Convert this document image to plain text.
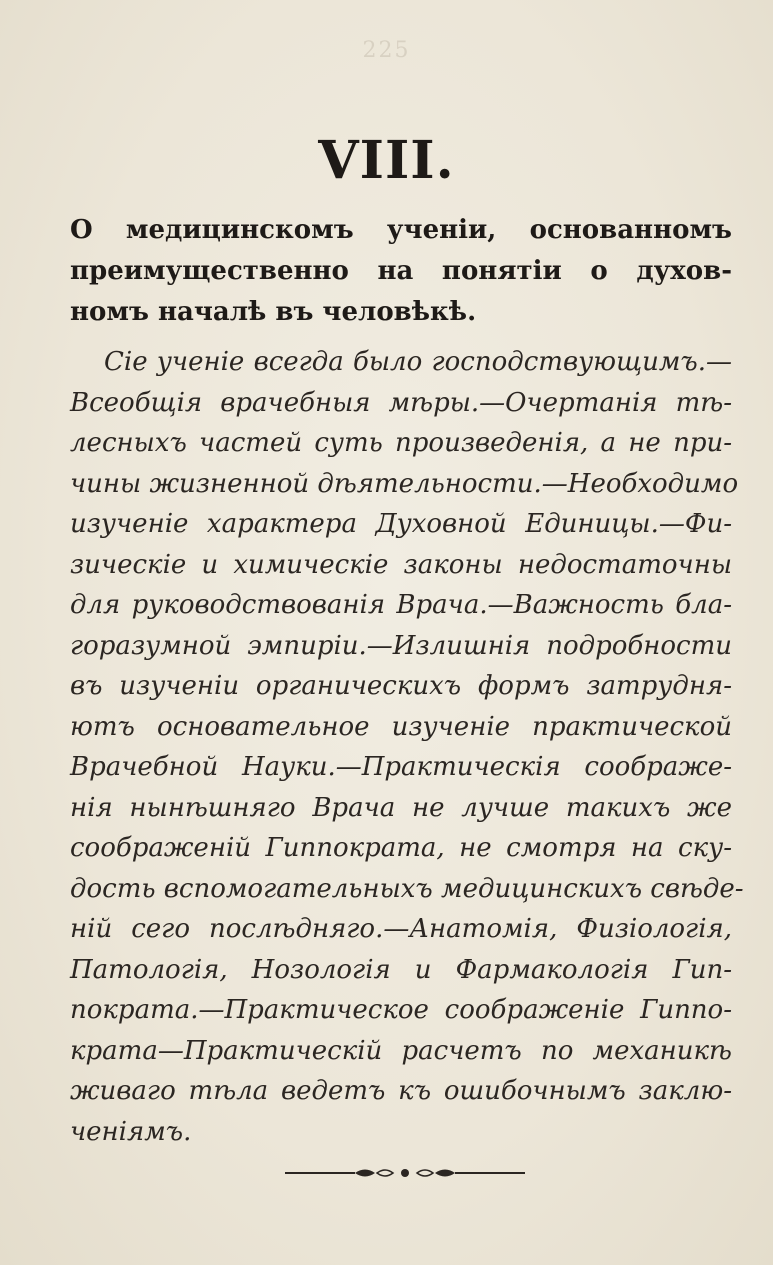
225
VIII.
О медицинскомъ ученіи, основанномъ
преимущественно на понятіи о духов-
номъ началѣ въ человѣкѣ.
Сіе ученіе всегда было господствующимъ.—
Всеобщія врачебныя мѣры.—Очертанія тѣ-
лесныхъ частей суть произведенія, а не при-
чины жизненной дѣятельности.—Необходимо
изученіе характера Духовной Единицы.—Фи-
зическіе и химическіе законы недостаточны
для руководствованія Врача.—Важность бла-
горазумной эмпиріи.—Излишнія подробности
въ изученіи органическихъ формъ затрудня-
ютъ основательное изученіе практической
Врачебной Науки.—Практическія соображе-
нія нынѣшняго Врача не лучше такихъ же
соображеній Гиппократа, не смотря на ску-
дость вспомогательныхъ медицинскихъ свѣде-
ній сего послѣдняго.—Анатомія, Физіологія,
Патологія, Нозологія и Фармакологія Гип-
пократа.—Практическое соображеніе Гиппо-
крата—Практическій расчетъ по механикѣ
живаго тѣла ведетъ къ ошибочнымъ заклю-
ченіямъ.
